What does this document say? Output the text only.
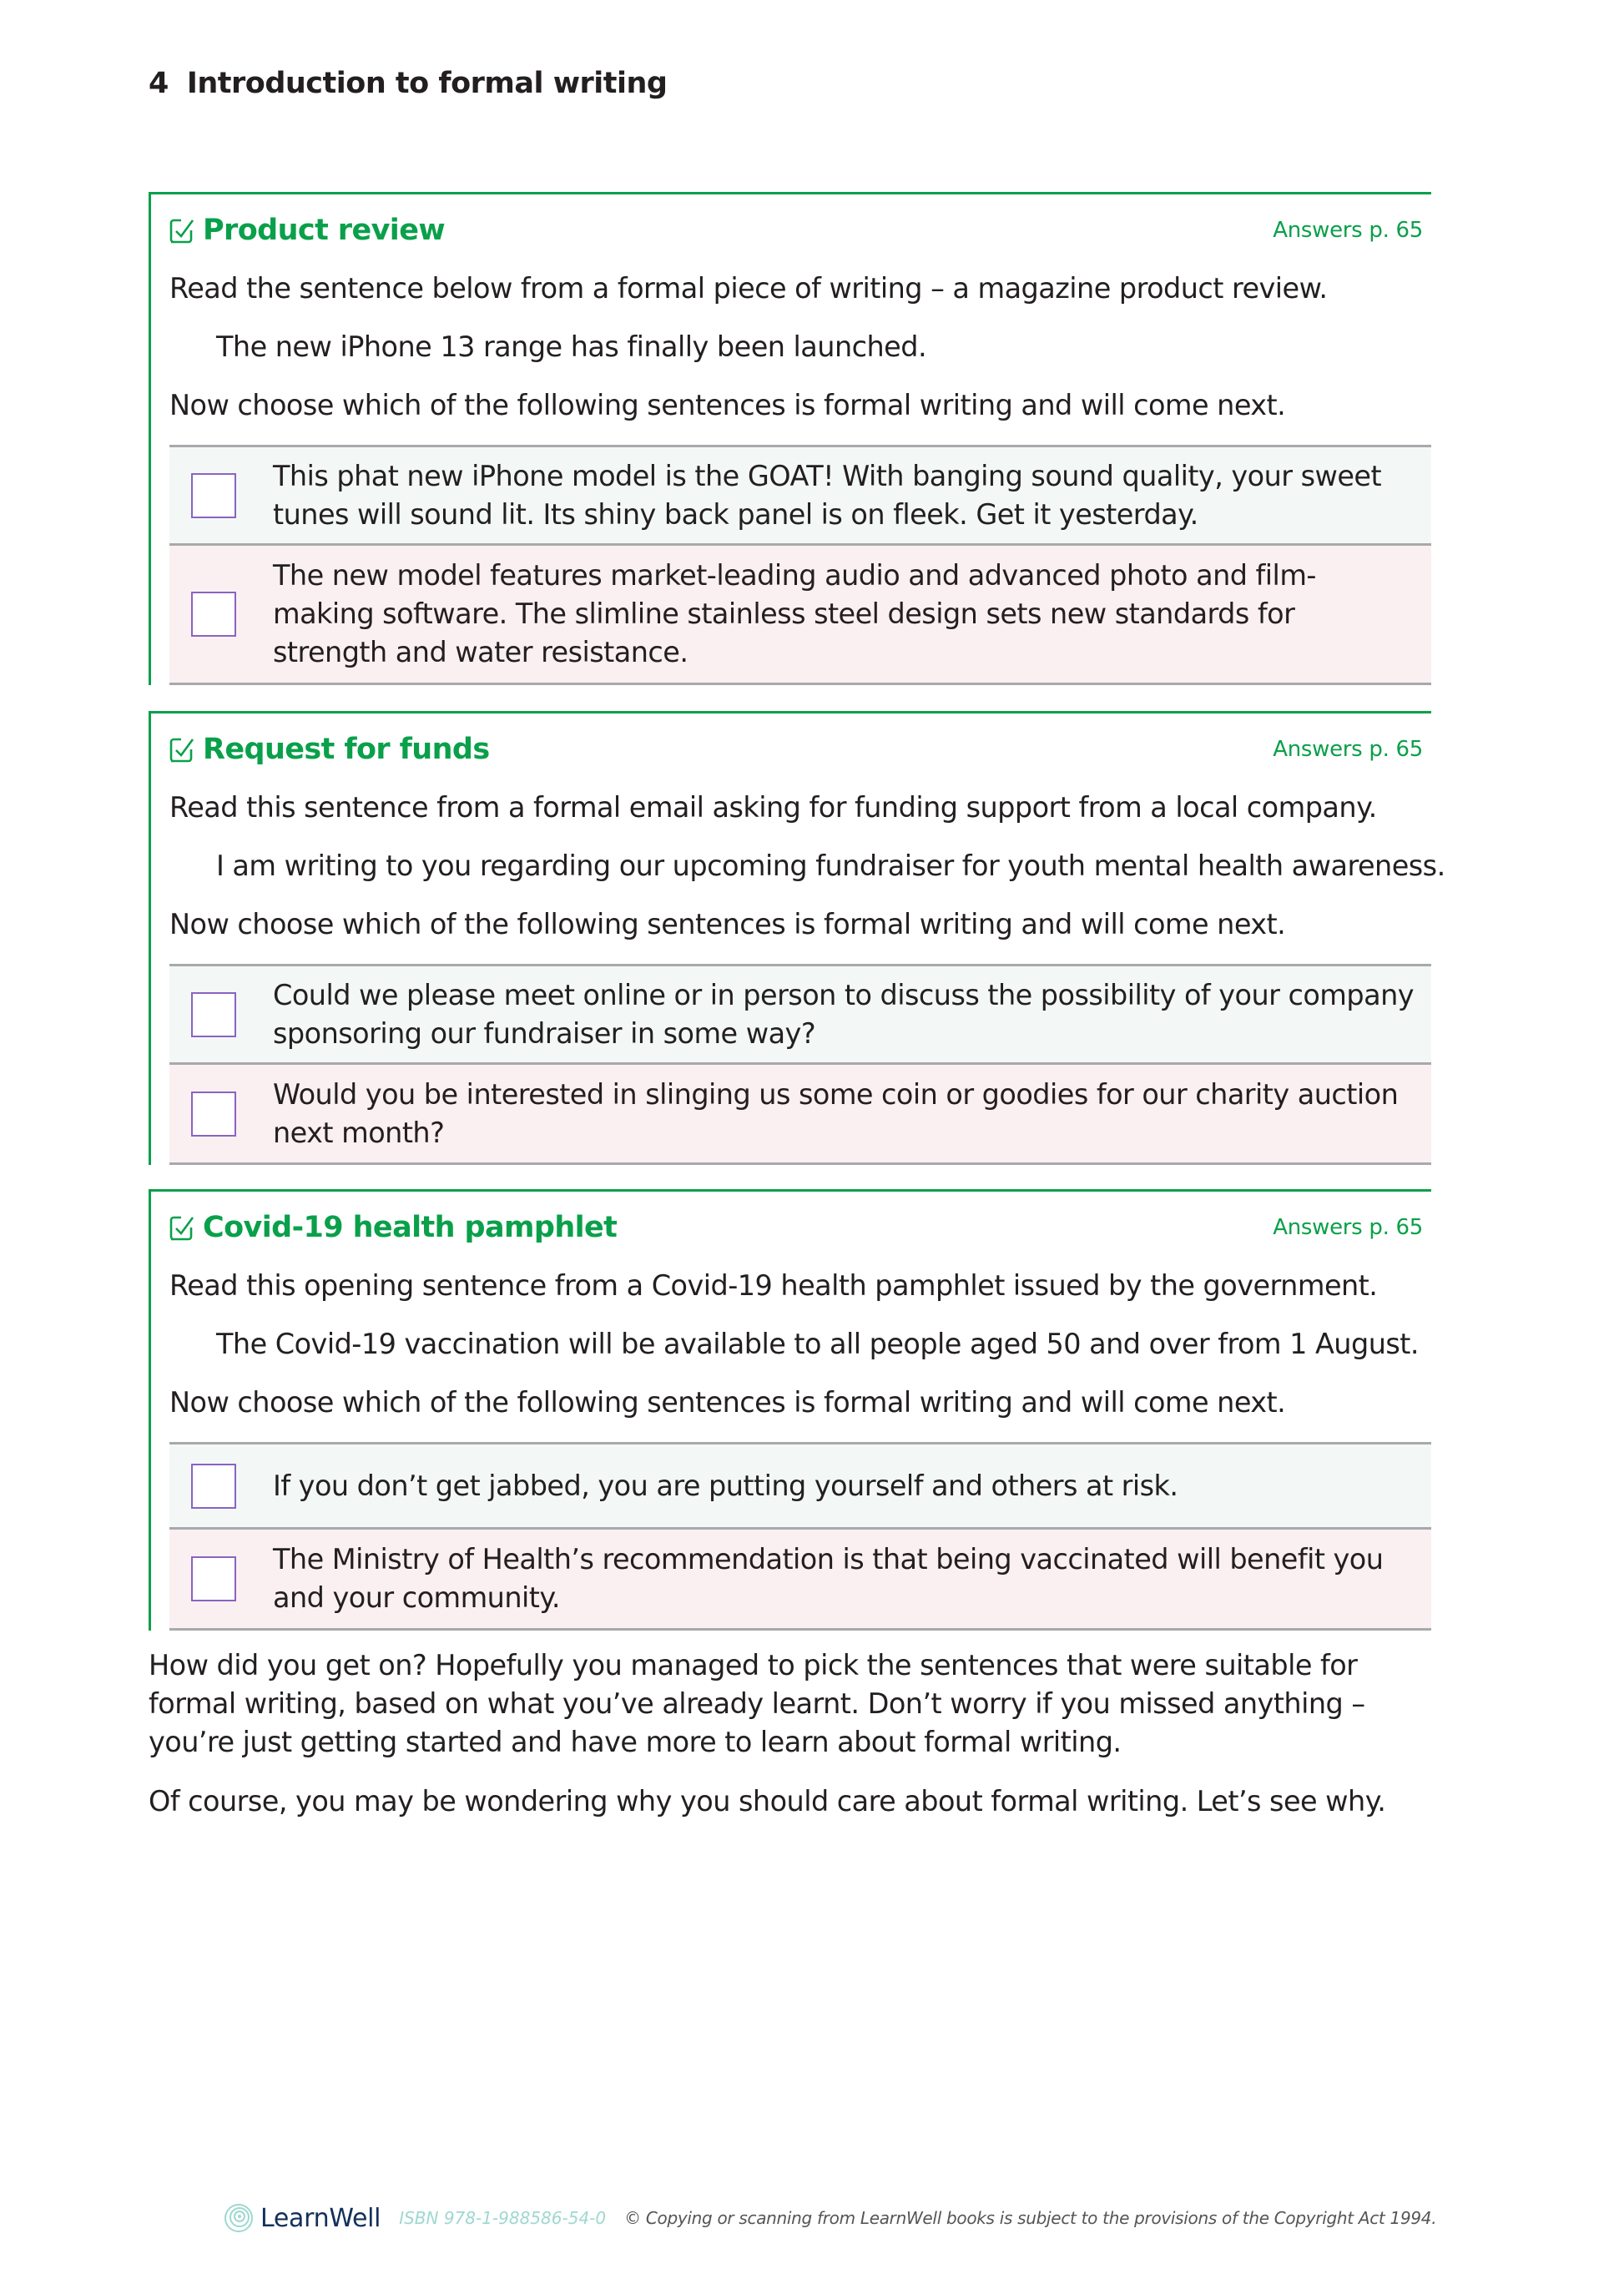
4 Introduction to formal writing
Product review	Answers p. 65

Read the sentence below from a formal piece of writing – a magazine product review.

The new iPhone 13 range has finally been launched.

Now choose which of the following sentences is formal writing and will come next.

This phat new iPhone model is the GOAT! With banging sound quality, your sweet tunes will sound lit. Its shiny back panel is on fleek. Get it yesterday.
The new model features market-leading audio and advanced photo and film-making software. The slimline stainless steel design sets new standards for strength and water resistance.
Request for funds	Answers p. 65

Read this sentence from a formal email asking for funding support from a local company.

I am writing to you regarding our upcoming fundraiser for youth mental health awareness.

Now choose which of the following sentences is formal writing and will come next.

Could we please meet online or in person to discuss the possibility of your company sponsoring our fundraiser in some way?
Would you be interested in slinging us some coin or goodies for our charity auction next month?
Covid-19 health pamphlet	Answers p. 65

Read this opening sentence from a Covid-19 health pamphlet issued by the government.

The Covid-19 vaccination will be available to all people aged 50 and over from 1 August.

Now choose which of the following sentences is formal writing and will come next.

If you don’t get jabbed, you are putting yourself and others at risk.
The Ministry of Health’s recommendation is that being vaccinated will benefit you and your community.

How did you get on? Hopefully you managed to pick the sentences that were suitable for formal writing, based on what you’ve already learnt. Don’t worry if you missed anything – you’re just getting started and have more to learn about formal writing.

Of course, you may be wondering why you should care about formal writing. Let’s see why.

LearnWell ISBN 978-1-988586-54-0 © Copying or scanning from LearnWell books is subject to the provisions of the Copyright Act 1994.
